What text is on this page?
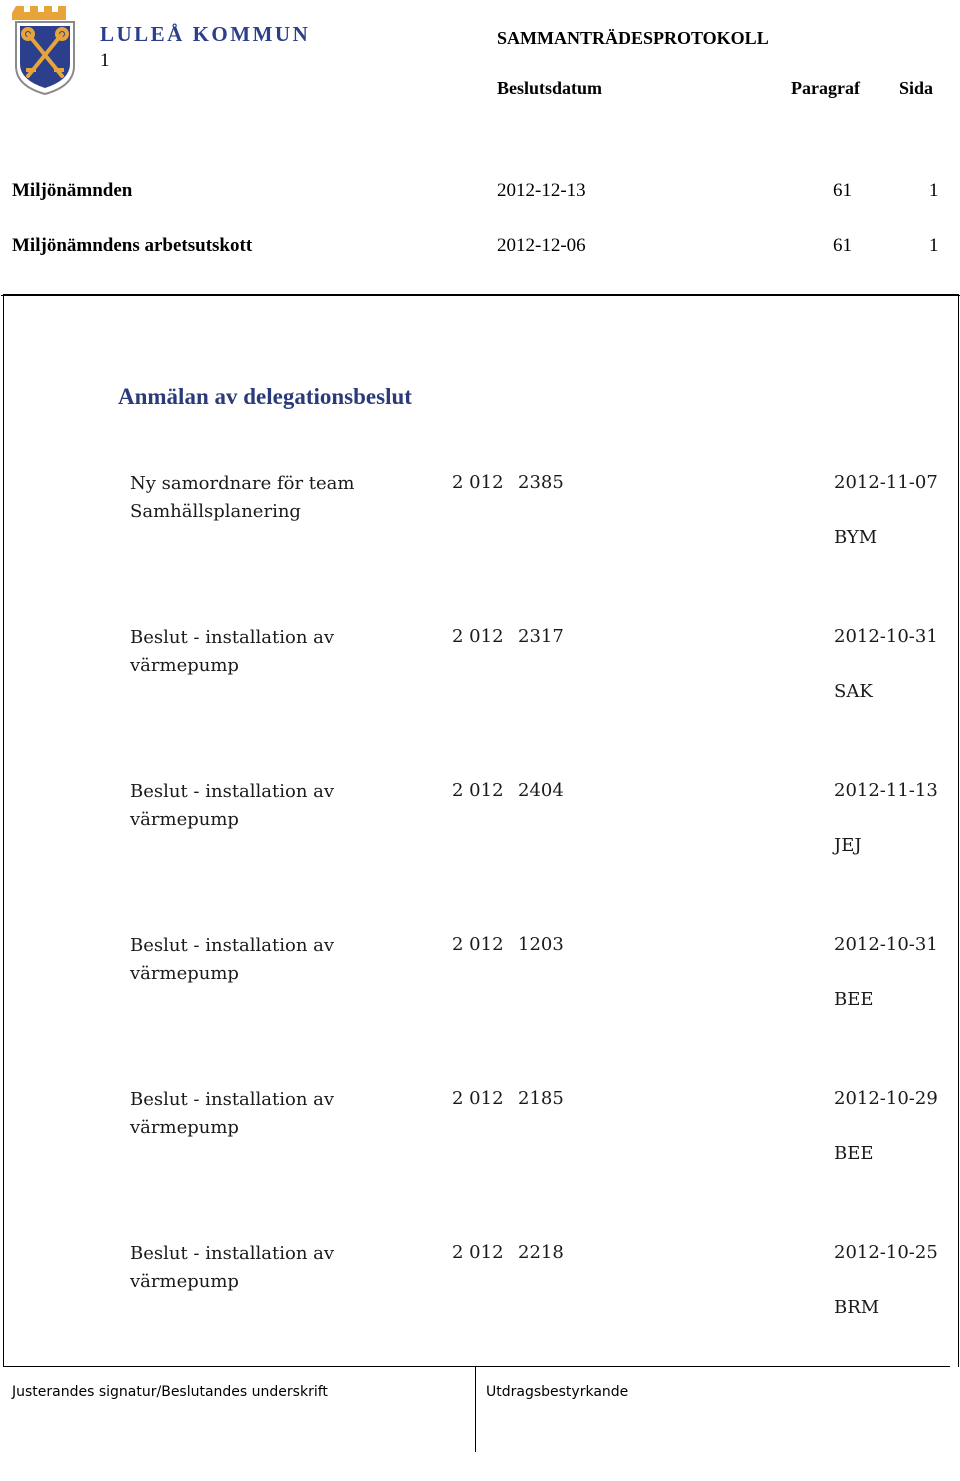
LULEÅ KOMMUN
1
SAMMANTRÄDESPROTOKOLL
Beslutsdatum	Paragraf Sida
Miljönämnden	2012-12-13	61	1
Miljönämndens arbetsutskott	2012-12-06	61	1
Anmälan av delegationsbeslut
Ny samordnare för team Samhällsplanering
2 012 2385	2012-11-07
BYM
Beslut - installation av värmepump
2 012 2317	2012-10-31
SAK
Beslut - installation av värmepump
2 012 2404	2012-11-13
JEJ
Beslut - installation av värmepump
2 012 1203	2012-10-31
BEE
Beslut - installation av värmepump
2 012 2185	2012-10-29
BEE
Beslut - installation av värmepump
2 012 2218	2012-10-25
BRM
Justerandes signatur/Beslutandes underskrift	Utdragsbestyrkande
